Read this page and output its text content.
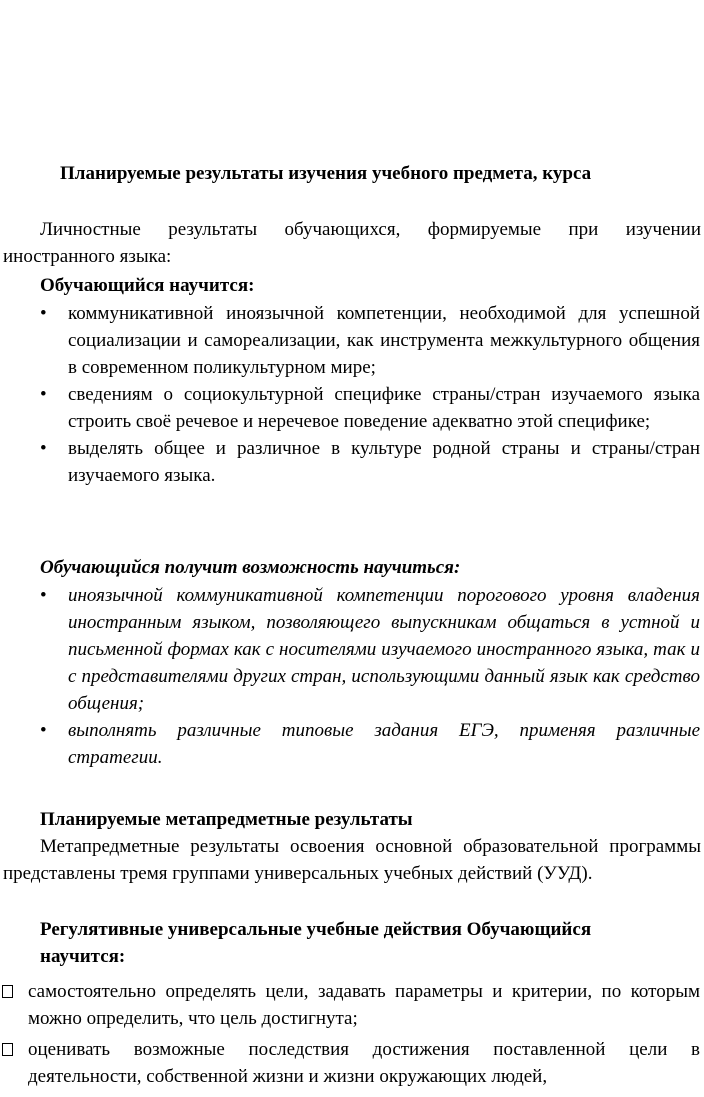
Планируемые результаты изучения учебного предмета, курса
Личностные результаты обучающихся, формируемые при изучении иностранного языка:
Обучающийся научится:
• коммуникативной иноязычной компетенции, необходимой для успешной социализации и самореализации, как инструмента межкультурного общения в современном поликультурном мире;
• сведениям о социокультурной специфике страны/стран изучаемого языка строить своё речевое и неречевое поведение адекватно этой специфике;
• выделять общее и различное в культуре родной страны и страны/стран изучаемого языка.
Обучающийся получит возможность научиться:
• иноязычной коммуникативной компетенции порогового уровня владения иностранным языком, позволяющего выпускникам общаться в устной и письменной формах как с носителями изучаемого иностранного языка, так и с представителями других стран, использующими данный язык как средство общения;
• выполнять различные типовые задания ЕГЭ, применяя различные стратегии.
Планируемые метапредметные результаты
Метапредметные результаты освоения основной образовательной программы представлены тремя группами универсальных учебных действий (УУД).
Регулятивные универсальные учебные действия Обучающийся
научится:
самостоятельно определять цели, задавать параметры и критерии, по которым можно определить, что цель достигнута;
оценивать возможные последствия достижения поставленной цели в деятельности, собственной жизни и жизни окружающих людей,
